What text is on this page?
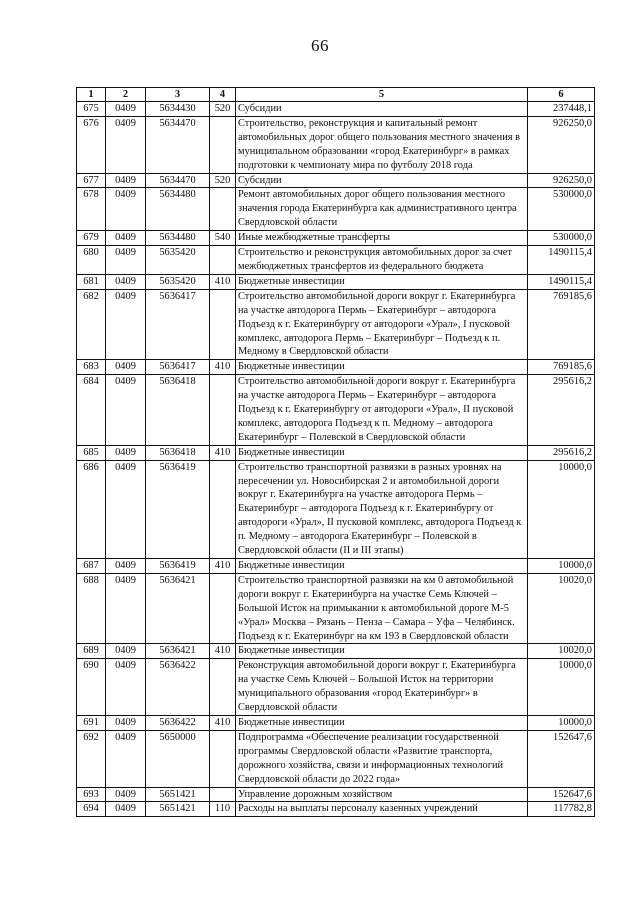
66
1	2	3	4	5	6
675	0409	5634430	520	Субсидии	237448,1
676	0409	5634470		Строительство, реконструкция и капитальный ремонт автомобильных дорог общего пользования местного значения в муниципальном образовании «город Екатеринбург» в рамках подготовки к чемпионату мира по футболу 2018 года	926250,0
677	0409	5634470	520	Субсидии	926250,0
678	0409	5634480		Ремонт автомобильных дорог общего пользования местного значения города Екатеринбурга как административного центра Свердловской области	530000,0
679	0409	5634480	540	Иные межбюджетные трансферты	530000,0
680	0409	5635420		Строительство и реконструкция автомобильных дорог за счет межбюджетных трансфертов из федерального бюджета	1490115,4
681	0409	5635420	410	Бюджетные инвестиции	1490115,4
682	0409	5636417		Строительство автомобильной дороги вокруг г. Екатеринбурга на участке автодорога Пермь – Екатеринбург – автодорога Подъезд к г. Екатеринбургу от автодороги «Урал», I пусковой комплекс, автодорога Пермь – Екатеринбург – Подъезд к п. Медному в Свердловской области	769185,6
683	0409	5636417	410	Бюджетные инвестиции	769185,6
684	0409	5636418		Строительство автомобильной дороги вокруг г. Екатеринбурга на участке автодорога Пермь – Екатеринбург – автодорога Подъезд к г. Екатеринбургу от автодороги «Урал», II пусковой комплекс, автодорога Подъезд к п. Медному – автодорога Екатеринбург – Полевской в Свердловской области	295616,2
685	0409	5636418	410	Бюджетные инвестиции	295616,2
686	0409	5636419		Строительство транспортной развязки в разных уровнях на пересечении ул. Новосибирская 2 и автомобильной дороги вокруг г. Екатеринбурга на участке автодорога Пермь – Екатеринбург – автодорога Подъезд к г. Екатеринбургу от автодороги «Урал», II пусковой комплекс, автодорога Подъезд к п. Медному – автодорога Екатеринбург – Полевской в Свердловской области (II и III этапы)	10000,0
687	0409	5636419	410	Бюджетные инвестиции	10000,0
688	0409	5636421		Строительство транспортной развязки на км 0 автомобильной дороги вокруг г. Екатеринбурга на участке Семь Ключей – Большой Исток на примыкании к автомобильной дороге М-5 «Урал» Москва – Рязань – Пенза – Самара – Уфа – Челябинск. Подъезд к г. Екатеринбург на км 193 в Свердловской области	10020,0
689	0409	5636421	410	Бюджетные инвестиции	10020,0
690	0409	5636422		Реконструкция автомобильной дороги вокруг г. Екатеринбурга на участке Семь Ключей – Большой Исток на территории муниципального образования «город Екатеринбург» в Свердловской области	10000,0
691	0409	5636422	410	Бюджетные инвестиции	10000,0
692	0409	5650000		Подпрограмма «Обеспечение реализации государственной программы Свердловской области «Развитие транспорта, дорожного хозяйства, связи и информационных технологий Свердловской области до 2022 года»	152647,6
693	0409	5651421		Управление дорожным хозяйством	152647,6
694	0409	5651421	110	Расходы на выплаты персоналу казенных учреждений	117782,8
